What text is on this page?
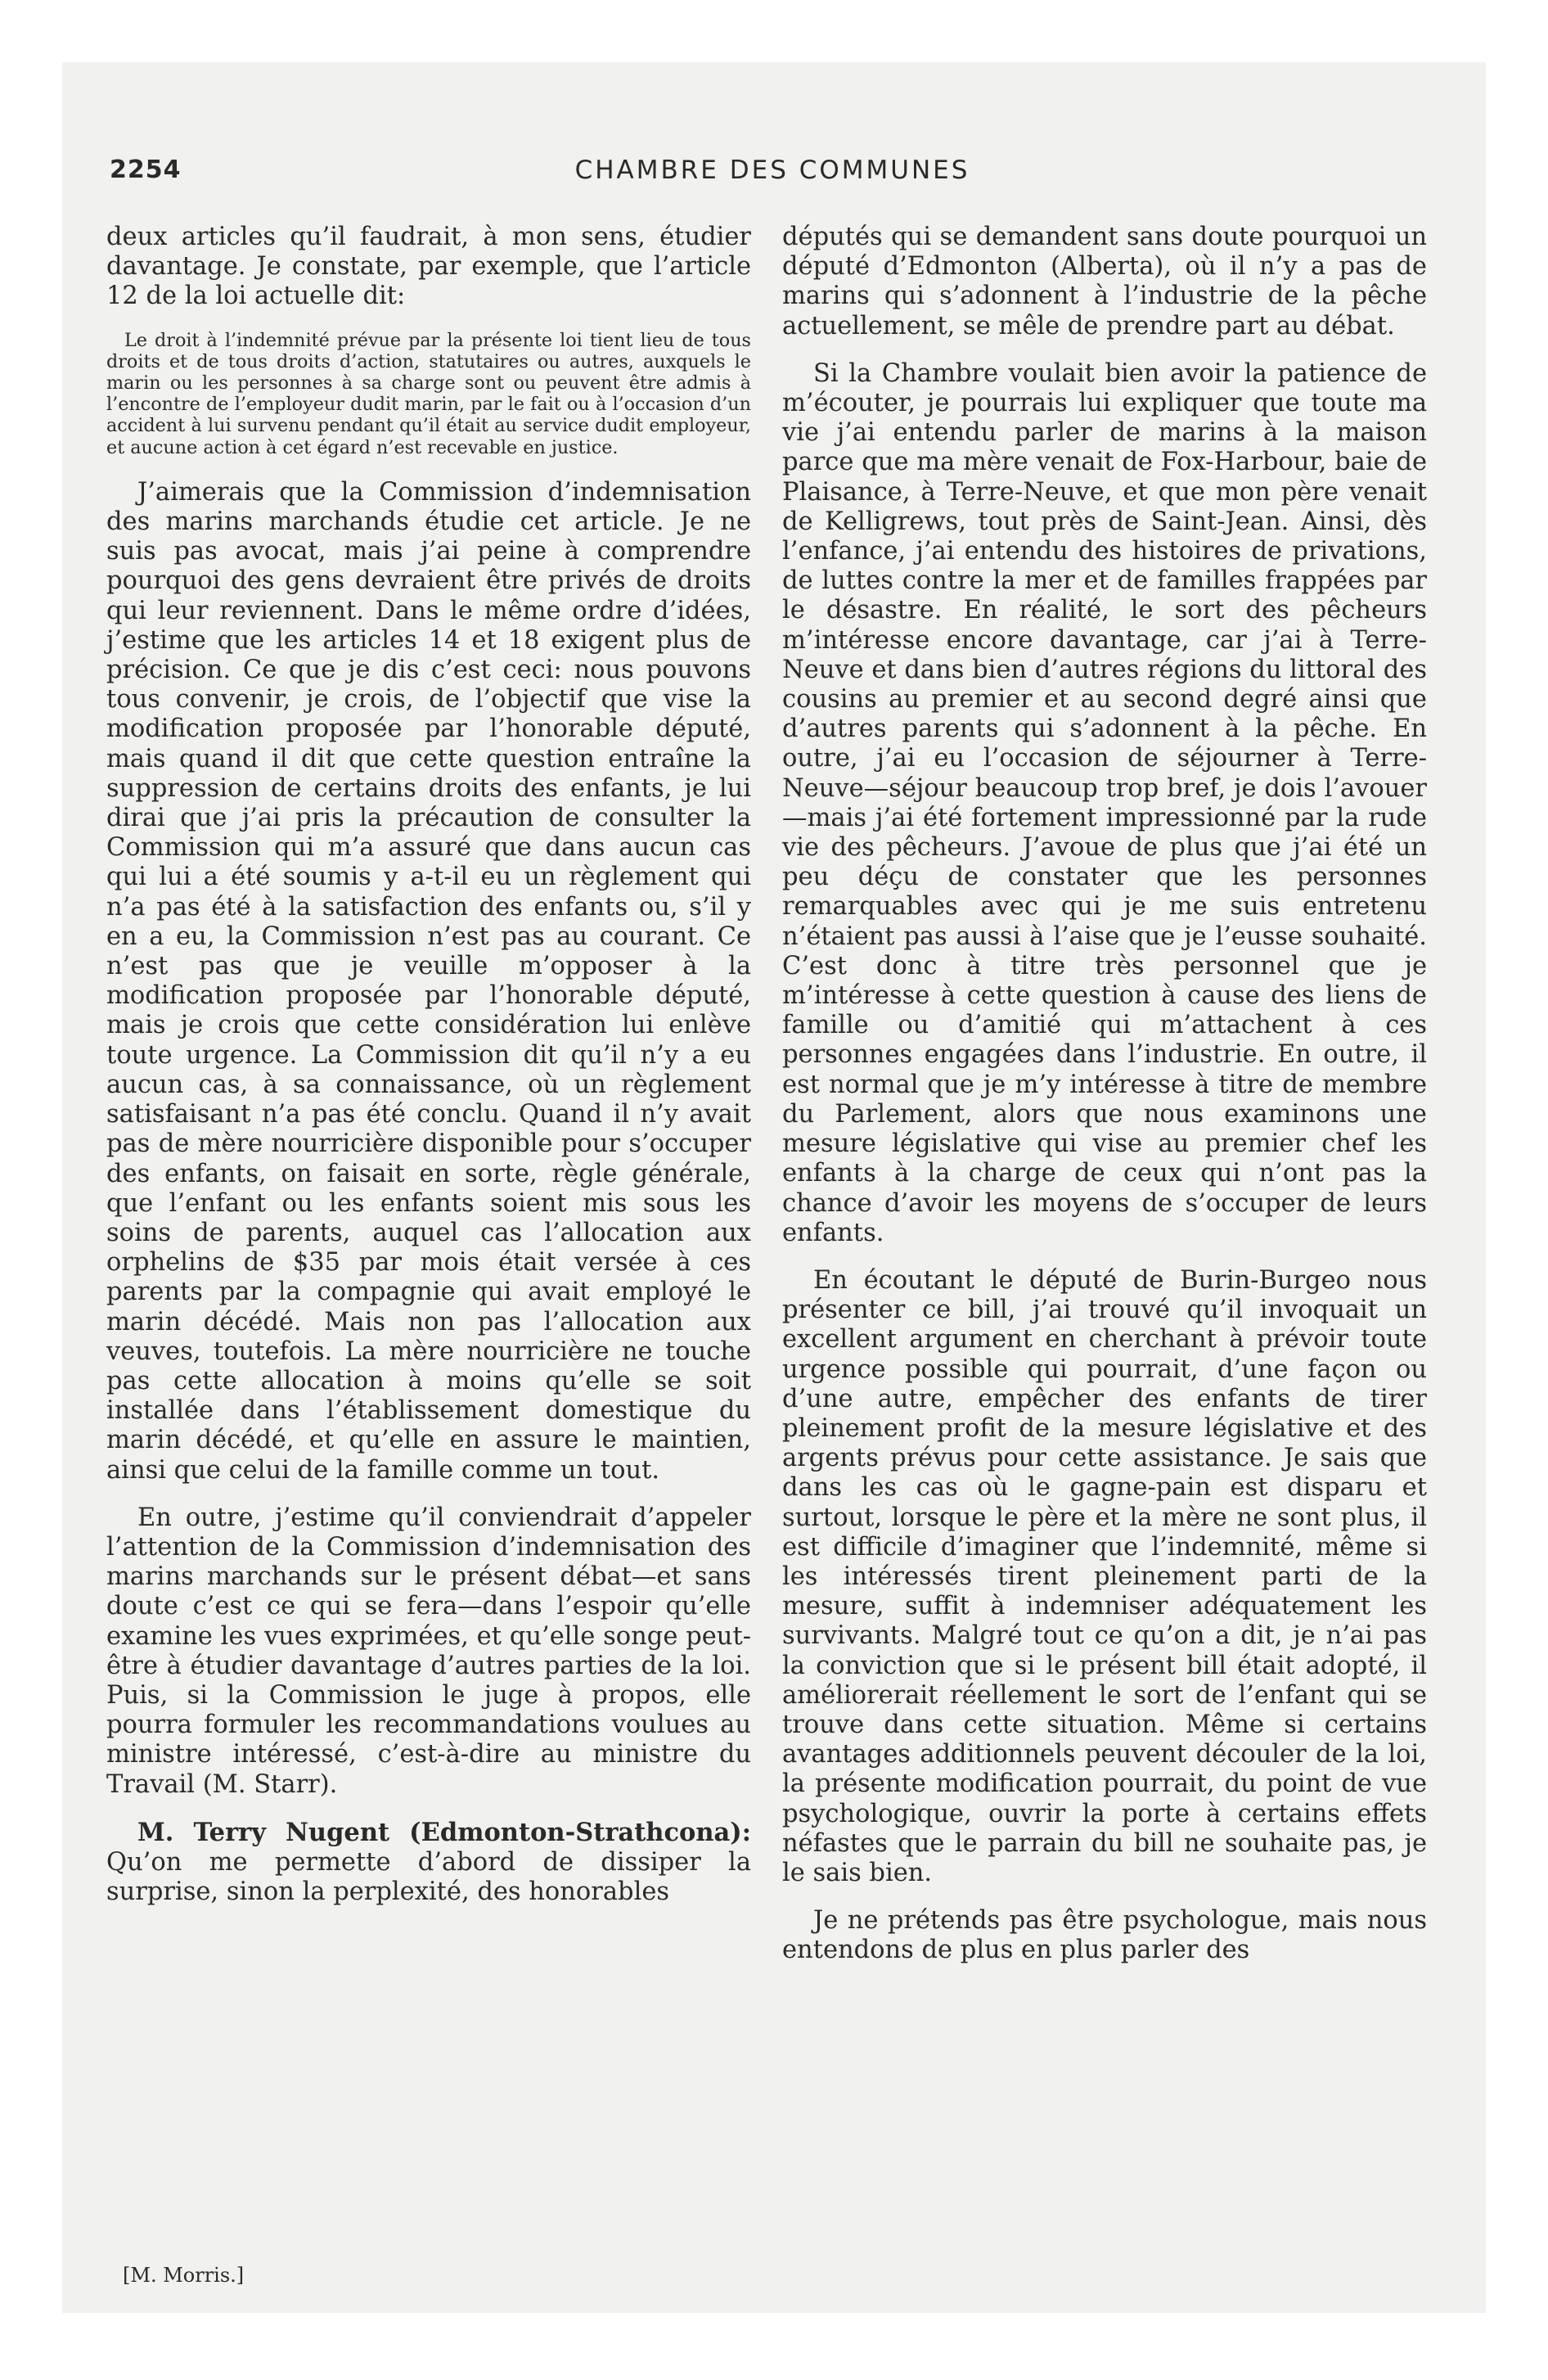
2254	CHAMBRE DES COMMUNES

deux articles qu’il faudrait, à mon sens, étudier davantage. Je constate, par exemple, que l’article 12 de la loi actuelle dit:

Le droit à l’indemnité prévue par la présente loi tient lieu de tous droits et de tous droits d’action, statutaires ou autres, auxquels le marin ou les personnes à sa charge sont ou peuvent être admis à l’encontre de l’employeur dudit marin, par le fait ou à l’occasion d’un accident à lui survenu pendant qu’il était au service dudit employeur, et aucune action à cet égard n’est recevable en justice.

J’aimerais que la Commission d’indemnisation des marins marchands étudie cet article. Je ne suis pas avocat, mais j’ai peine à comprendre pourquoi des gens devraient être privés de droits qui leur reviennent. Dans le même ordre d’idées, j’estime que les articles 14 et 18 exigent plus de précision. Ce que je dis c’est ceci: nous pouvons tous convenir, je crois, de l’objectif que vise la modification proposée par l’honorable député, mais quand il dit que cette question entraîne la suppression de certains droits des enfants, je lui dirai que j’ai pris la précaution de consulter la Commission qui m’a assuré que dans aucun cas qui lui a été soumis y a-t-il eu un règlement qui n’a pas été à la satisfaction des enfants ou, s’il y en a eu, la Commission n’est pas au courant. Ce n’est pas que je veuille m’opposer à la modification proposée par l’honorable député, mais je crois que cette considération lui enlève toute urgence. La Commission dit qu’il n’y a eu aucun cas, à sa connaissance, où un règlement satisfaisant n’a pas été conclu. Quand il n’y avait pas de mère nourricière disponible pour s’occuper des enfants, on faisait en sorte, règle générale, que l’enfant ou les enfants soient mis sous les soins de parents, auquel cas l’allocation aux orphelins de $35 par mois était versée à ces parents par la compagnie qui avait employé le marin décédé. Mais non pas l’allocation aux veuves, toutefois. La mère nourricière ne touche pas cette allocation à moins qu’elle se soit installée dans l’établissement domestique du marin décédé, et qu’elle en assure le maintien, ainsi que celui de la famille comme un tout.

En outre, j’estime qu’il conviendrait d’appeler l’attention de la Commission d’indemnisation des marins marchands sur le présent débat—et sans doute c’est ce qui se fera—dans l’espoir qu’elle examine les vues exprimées, et qu’elle songe peut-être à étudier davantage d’autres parties de la loi. Puis, si la Commission le juge à propos, elle pourra formuler les recommandations voulues au ministre intéressé, c’est-à-dire au ministre du Travail (M. Starr).

M. Terry Nugent (Edmonton-Strathcona): Qu’on me permette d’abord de dissiper la surprise, sinon la perplexité, des honorables

députés qui se demandent sans doute pourquoi un député d’Edmonton (Alberta), où il n’y a pas de marins qui s’adonnent à l’industrie de la pêche actuellement, se mêle de prendre part au débat.

Si la Chambre voulait bien avoir la patience de m’écouter, je pourrais lui expliquer que toute ma vie j’ai entendu parler de marins à la maison parce que ma mère venait de Fox-Harbour, baie de Plaisance, à Terre-Neuve, et que mon père venait de Kelligrews, tout près de Saint-Jean. Ainsi, dès l’enfance, j’ai entendu des histoires de privations, de luttes contre la mer et de familles frappées par le désastre. En réalité, le sort des pêcheurs m’intéresse encore davantage, car j’ai à Terre-Neuve et dans bien d’autres régions du littoral des cousins au premier et au second degré ainsi que d’autres parents qui s’adonnent à la pêche. En outre, j’ai eu l’occasion de séjourner à Terre-Neuve—séjour beaucoup trop bref, je dois l’avouer—mais j’ai été fortement impressionné par la rude vie des pêcheurs. J’avoue de plus que j’ai été un peu déçu de constater que les personnes remarquables avec qui je me suis entretenu n’étaient pas aussi à l’aise que je l’eusse souhaité. C’est donc à titre très personnel que je m’intéresse à cette question à cause des liens de famille ou d’amitié qui m’attachent à ces personnes engagées dans l’industrie. En outre, il est normal que je m’y intéresse à titre de membre du Parlement, alors que nous examinons une mesure législative qui vise au premier chef les enfants à la charge de ceux qui n’ont pas la chance d’avoir les moyens de s’occuper de leurs enfants.

En écoutant le député de Burin-Burgeo nous présenter ce bill, j’ai trouvé qu’il invoquait un excellent argument en cherchant à prévoir toute urgence possible qui pourrait, d’une façon ou d’une autre, empêcher des enfants de tirer pleinement profit de la mesure législative et des argents prévus pour cette assistance. Je sais que dans les cas où le gagne-pain est disparu et surtout, lorsque le père et la mère ne sont plus, il est difficile d’imaginer que l’indemnité, même si les intéressés tirent pleinement parti de la mesure, suffit à indemniser adéquatement les survivants. Malgré tout ce qu’on a dit, je n’ai pas la conviction que si le présent bill était adopté, il améliorerait réellement le sort de l’enfant qui se trouve dans cette situation. Même si certains avantages additionnels peuvent découler de la loi, la présente modification pourrait, du point de vue psychologique, ouvrir la porte à certains effets néfastes que le parrain du bill ne souhaite pas, je le sais bien.

Je ne prétends pas être psychologue, mais nous entendons de plus en plus parler des

[M. Morris.]
